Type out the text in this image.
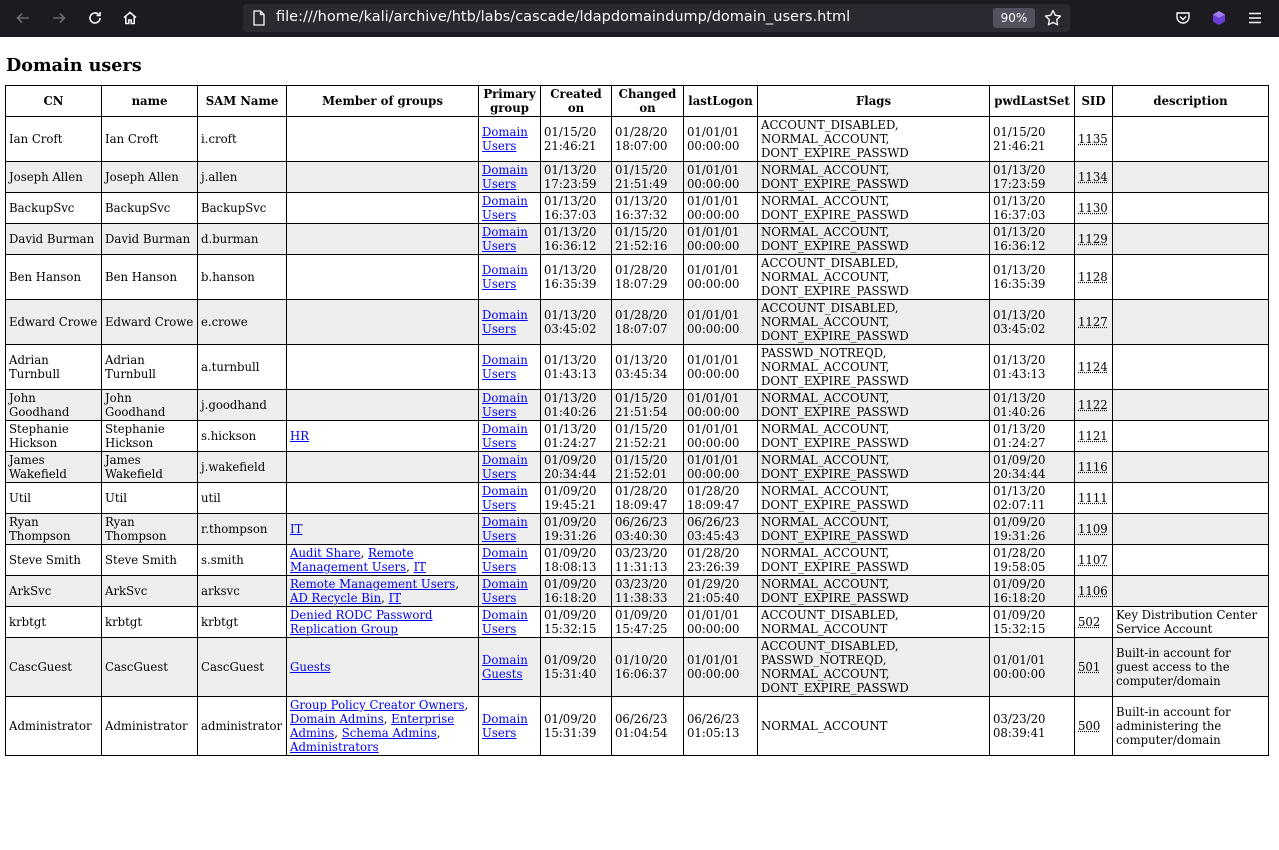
file:///home/kali/archive/htb/labs/cascade/ldapdomaindump/domain_users.html	90%
Domain users
CN	name	SAM Name	Member of groups	Primary group	Created on	Changed on	lastLogon	Flags	pwdLastSet	SID	description
Ian Croft	Ian Croft	i.croft		Domain Users	01/15/20 21:46:21	01/28/20 18:07:00	01/01/01 00:00:00	ACCOUNT_DISABLED,
NORMAL_ACCOUNT,
DONT_EXPIRE_PASSWD	01/15/20 21:46:21	1135	
Joseph Allen	Joseph Allen	j.allen		Domain Users	01/13/20 17:23:59	01/15/20 21:51:49	01/01/01 00:00:00	NORMAL_ACCOUNT,
DONT_EXPIRE_PASSWD	01/13/20 17:23:59	1134	
BackupSvc	BackupSvc	BackupSvc		Domain Users	01/13/20 16:37:03	01/13/20 16:37:32	01/01/01 00:00:00	NORMAL_ACCOUNT,
DONT_EXPIRE_PASSWD	01/13/20 16:37:03	1130	
David Burman	David Burman	d.burman		Domain Users	01/13/20 16:36:12	01/15/20 21:52:16	01/01/01 00:00:00	NORMAL_ACCOUNT,
DONT_EXPIRE_PASSWD	01/13/20 16:36:12	1129	
Ben Hanson	Ben Hanson	b.hanson		Domain Users	01/13/20 16:35:39	01/28/20 18:07:29	01/01/01 00:00:00	ACCOUNT_DISABLED,
NORMAL_ACCOUNT,
DONT_EXPIRE_PASSWD	01/13/20 16:35:39	1128	
Edward Crowe	Edward Crowe	e.crowe		Domain Users	01/13/20 03:45:02	01/28/20 18:07:07	01/01/01 00:00:00	ACCOUNT_DISABLED,
NORMAL_ACCOUNT,
DONT_EXPIRE_PASSWD	01/13/20 03:45:02	1127	
Adrian Turnbull	Adrian Turnbull	a.turnbull		Domain Users	01/13/20 01:43:13	01/13/20 03:45:34	01/01/01 00:00:00	PASSWD_NOTREQD,
NORMAL_ACCOUNT,
DONT_EXPIRE_PASSWD	01/13/20 01:43:13	1124	
John Goodhand	John Goodhand	j.goodhand		Domain Users	01/13/20 01:40:26	01/15/20 21:51:54	01/01/01 00:00:00	NORMAL_ACCOUNT,
DONT_EXPIRE_PASSWD	01/13/20 01:40:26	1122	
Stephanie Hickson	Stephanie Hickson	s.hickson	HR	Domain Users	01/13/20 01:24:27	01/15/20 21:52:21	01/01/01 00:00:00	NORMAL_ACCOUNT,
DONT_EXPIRE_PASSWD	01/13/20 01:24:27	1121	
James Wakefield	James Wakefield	j.wakefield		Domain Users	01/09/20 20:34:44	01/15/20 21:52:01	01/01/01 00:00:00	NORMAL_ACCOUNT,
DONT_EXPIRE_PASSWD	01/09/20 20:34:44	1116	
Util	Util	util		Domain Users	01/09/20 19:45:21	01/28/20 18:09:47	01/28/20 18:09:47	NORMAL_ACCOUNT,
DONT_EXPIRE_PASSWD	01/13/20 02:07:11	1111	
Ryan Thompson	Ryan Thompson	r.thompson	IT	Domain Users	01/09/20 19:31:26	06/26/23 03:40:30	06/26/23 03:45:43	NORMAL_ACCOUNT,
DONT_EXPIRE_PASSWD	01/09/20 19:31:26	1109	
Steve Smith	Steve Smith	s.smith	Audit Share, Remote Management Users, IT	Domain Users	01/09/20 18:08:13	03/23/20 11:31:13	01/28/20 23:26:39	NORMAL_ACCOUNT,
DONT_EXPIRE_PASSWD	01/28/20 19:58:05	1107	
ArkSvc	ArkSvc	arksvc	Remote Management Users, AD Recycle Bin, IT	Domain Users	01/09/20 16:18:20	03/23/20 11:38:33	01/29/20 21:05:40	NORMAL_ACCOUNT,
DONT_EXPIRE_PASSWD	01/09/20 16:18:20	1106	
krbtgt	krbtgt	krbtgt	Denied RODC Password Replication Group	Domain Users	01/09/20 15:32:15	01/09/20 15:47:25	01/01/01 00:00:00	ACCOUNT_DISABLED,
NORMAL_ACCOUNT	01/09/20 15:32:15	502	Key Distribution Center Service Account
CascGuest	CascGuest	CascGuest	Guests	Domain Guests	01/09/20 15:31:40	01/10/20 16:06:37	01/01/01 00:00:00	ACCOUNT_DISABLED,
PASSWD_NOTREQD,
NORMAL_ACCOUNT,
DONT_EXPIRE_PASSWD	01/01/01 00:00:00	501	Built-in account for guest access to the computer/domain
Administrator	Administrator	administrator	Group Policy Creator Owners, Domain Admins, Enterprise Admins, Schema Admins, Administrators	Domain Users	01/09/20 15:31:39	06/26/23 01:04:54	06/26/23 01:05:13	NORMAL_ACCOUNT	03/23/20 08:39:41	500	Built-in account for administering the computer/domain
